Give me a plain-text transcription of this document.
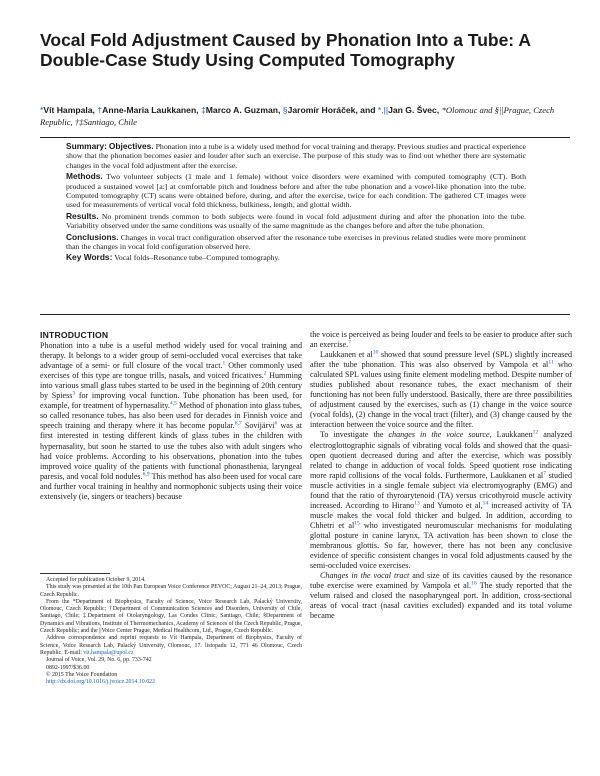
Vocal Fold Adjustment Caused by Phonation Into a Tube: A Double-Case Study Using Computed Tomography
*Vít Hampala, †Anne-Maria Laukkanen, ‡Marco A. Guzman, §Jaromír Horáček, and *,||Jan G. Švec, *Olomouc and §||Prague, Czech Republic, †‡Santiago, Chile

Summary: Objectives. Phonation into a tube is a widely used method for vocal training and therapy. Previous studies and practical experience show that the phonation becomes easier and louder after such an exercise. The purpose of this study was to find out whether there are systematic changes in the vocal fold adjustment after the exercise.

Methods. Two volunteer subjects (1 male and 1 female) without voice disorders were examined with computed tomography (CT). Both produced a sustained vowel [a:] at comfortable pitch and loudness before and after the tube phonation and a vowel-like phonation into the tube. Computed tomography (CT) scans were obtained before, during, and after the exercise, twice for each condition. The gathered CT images were used for measurements of vertical vocal fold thickness, bulkiness, length, and glottal width.

Results. No prominent trends common to both subjects were found in vocal fold adjustment during and after the phonation into the tube. Variability observed under the same conditions was usually of the same magnitude as the changes before and after the tube phonation.

Conclusions. Changes in vocal tract configuration observed after the resonance tube exercises in previous related studies were more prominent than the changes in vocal fold configuration observed here.

Key Words: Vocal folds–Resonance tube–Computed tomography.

INTRODUCTION

Phonation into a tube is a useful method widely used for vocal training and therapy. It belongs to a wider group of semi-occluded vocal exercises that take advantage of a semi- or full closure of the vocal tract.$^1$ Other commonly used exercises of this type are tongue trills, nasals, and voiced fricatives.$^2$ Humming into various small glass tubes started to be used in the beginning of 20th century by Spiess$^3$ for improving vocal function. Tube phonation has been used, for example, for treatment of hypernasality.$^{4,5}$ Method of phonation into glass tubes, so called resonance tubes, has also been used for decades in Finnish voice and speech training and therapy where it has become popular.$^{6,7}$ Sovijärvi$^6$ was at first interested in testing different kinds of glass tubes in the children with hypernasality, but soon he started to use the tubes also with adult singers who had voice problems. According to his observations, phonation into the tubes improved voice quality of the patients with functional phonasthenia, laryngeal paresis, and vocal fold nodules.$^{6,9}$ This method has also been used for vocal care and further vocal training in healthy and normophonic subjects using their voice extensively (ie, singers or teachers) because

the voice is perceived as being louder and feels to be easier to produce after such an exercise.$^7$

Laukkanen et $al^{10}$ showed that sound pressure level (SPL) slightly increased after the tube phonation. This was also observed by Vampola et $al^{11}$ who calculated SPL values using finite element modeling method. Despite number of studies published about resonance tubes, the exact mechanism of their functioning has not been fully understood. Basically, there are three possibilities of adjustment caused by the exercises, such as (1) change in the voice source (vocal folds), (2) change in the vocal tract (filter), and (3) change caused by the interaction between the voice source and the filter.

To investigate the changes in the voice source, Laukkanen$^{12}$ analyzed electroglottographic signals of vibrating vocal folds and showed that the quasi-open quotient decreased during and after the exercise, which was possibly related to change in adduction of vocal folds. Speed quotient rose indicating more rapid collisions of the vocal folds. Furthermore, Laukkanen et $al^7$ studied muscle activities in a single female subject via electromyography (EMG) and found that the ratio of thyroarytenoid (TA) versus cricothyroid muscle activity increased. According to Hirano$^{13}$ and Yumoto et al,$^{14}$ increased activity of TA muscle makes the vocal fold thicker and bulged. In addition, according to Chhetri et $al^{15}$ who investigated neuromuscular mechanisms for modulating glottal posture in canine larynx, TA activation has been shown to close the membranous glottis. So far, however, there has not been any conclusive evidence of specific consistent changes in vocal fold adjustments caused by the semi-occluded voice exercises.

Changes in the vocal tract and size of its cavities caused by the resonance tube exercise were examined by Vampola et al.$^{16}$ The study reported that the velum raised and closed the nasopharyngeal port. In addition, cross-sectional areas of vocal tract (nasal cavities excluded) expanded and its total volume became

Accepted for publication October 9, 2014.

This study was presented at the 10th Pan European Voice Conference PEVOC; August 21–24, 2013; Prague, Czech Republic.

From the *Department of Biophysics, Faculty of Science, Voice Research Lab, Palacký University, Olomouc, Czech Republic; †Department of Communication Sciences and Disorders, University of Chile, Santiago, Chile; ‡Department of Otolaryngology, Las Condes Clinic, Santiago, Chile; §Department of Dynamics and Vibrations, Institute of Thermomechanics, Academy of Sciences of the Czech Republic, Prague, Czech Republic; and the ||Voice Center Prague, Medical Healthcom, Ltd., Prague, Czech Republic.

Address correspondence and reprint requests to Vít Hampala, Department of Biophysics, Faculty of Science, Voice Research Lab, Palacký University, Olomouc, 17. listopadu 12, 771 46 Olomouc, Czech Republic. E-mail: vit.hampala@upol.cz

Journal of Voice, Vol. 29, No. 6, pp. 733-742

0892-1997/$36.00

© 2015 The Voice Foundation

http://dx.doi.org/10.1016/j.jvoice.2014.10.022
